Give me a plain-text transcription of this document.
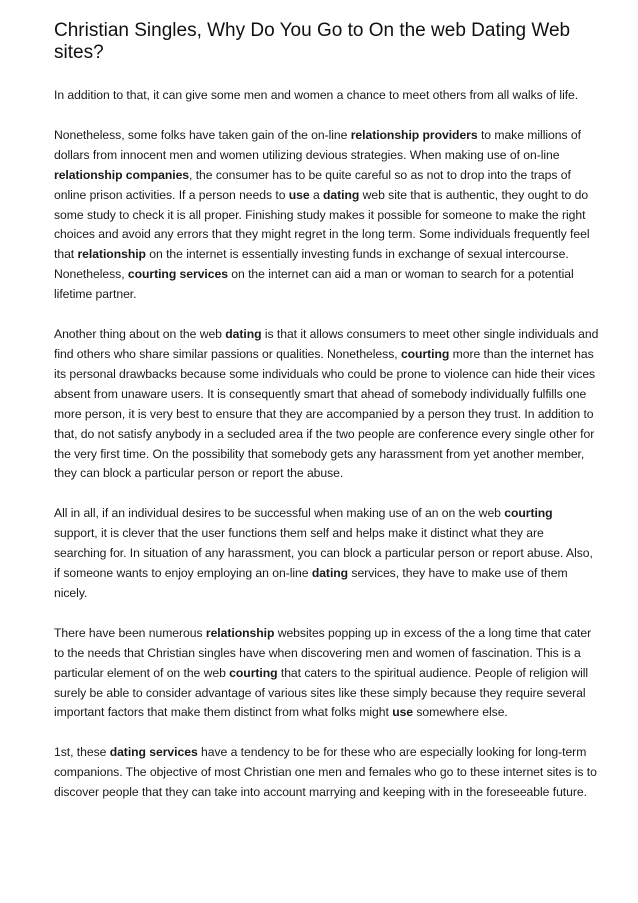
Christian Singles, Why Do You Go to On the web Dating Web sites?

In addition to that, it can give some men and women a chance to meet others from all walks of life.

Nonetheless, some folks have taken gain of the on-line relationship providers to make millions of dollars from innocent men and women utilizing devious strategies. When making use of on-line relationship companies, the consumer has to be quite careful so as not to drop into the traps of online prison activities. If a person needs to use a dating web site that is authentic, they ought to do some study to check it is all proper. Finishing study makes it possible for someone to make the right choices and avoid any errors that they might regret in the long term. Some individuals frequently feel that relationship on the internet is essentially investing funds in exchange of sexual intercourse. Nonetheless, courting services on the internet can aid a man or woman to search for a potential lifetime partner.

Another thing about on the web dating is that it allows consumers to meet other single individuals and find others who share similar passions or qualities. Nonetheless, courting more than the internet has its personal drawbacks because some individuals who could be prone to violence can hide their vices absent from unaware users. It is consequently smart that ahead of somebody individually fulfills one more person, it is very best to ensure that they are accompanied by a person they trust. In addition to that, do not satisfy anybody in a secluded area if the two people are conference every single other for the very first time. On the possibility that somebody gets any harassment from yet another member, they can block a particular person or report the abuse.

All in all, if an individual desires to be successful when making use of an on the web courting support, it is clever that the user functions them self and helps make it distinct what they are searching for. In situation of any harassment, you can block a particular person or report abuse. Also, if someone wants to enjoy employing an on-line dating services, they have to make use of them nicely.

There have been numerous relationship websites popping up in excess of the a long time that cater to the needs that Christian singles have when discovering men and women of fascination. This is a particular element of on the web courting that caters to the spiritual audience. People of religion will surely be able to consider advantage of various sites like these simply because they require several important factors that make them distinct from what folks might use somewhere else.

1st, these dating services have a tendency to be for these who are especially looking for long-term companions. The objective of most Christian one men and females who go to these internet sites is to discover people that they can take into account marrying and keeping with in the foreseeable future.
